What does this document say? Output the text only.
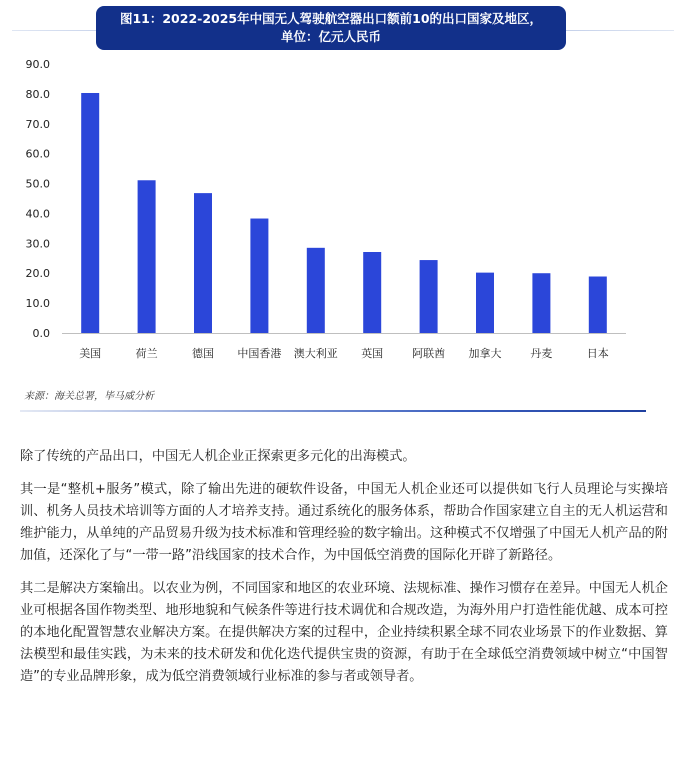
图11：2022-2025年中国无人驾驶航空器出口额前10的出口国家及地区，
单位：亿元人民币
0.0
10.0
20.0
30.0
40.0
50.0
60.0
70.0
80.0
90.0
美国	荷兰	德国 中国香港 澳大利亚 英国	阿联酋 加拿大	丹麦	日本
来源：海关总署，毕马威分析

除了传统的产品出口，中国无人机企业正探索更多元化的出海模式。

其一是“整机+服务”模式，除了输出先进的硬软件设备，中国无人机企业还可以提供如飞行人员理论与实操培训、机务人员技术培训等方面的人才培养支持。通过系统化的服务体系，帮助合作国家建立自主的无人机运营和维护能力，从单纯的产品贸易升级为技术标准和管理经验的数字输出。这种模式不仅增强了中国无人机产品的附加值，还深化了与“一带一路”沿线国家的技术合作，为中国低空消费的国际化开辟了新路径。

其二是解决方案输出。以农业为例，不同国家和地区的农业环境、法规标准、操作习惯存在差异。中国无人机企业可根据各国作物类型、地形地貌和气候条件等进行技术调优和合规改造，为海外用户打造性能优越、成本可控的本地化配置智慧农业解决方案。在提供解决方案的过程中，企业持续积累全球不同农业场景下的作业数据、算法模型和最佳实践，为未来的技术研发和优化迭代提供宝贵的资源，有助于在全球低空消费领域中树立“中国智造”的专业品牌形象，成为低空消费领域行业标准的参与者或领导者。
